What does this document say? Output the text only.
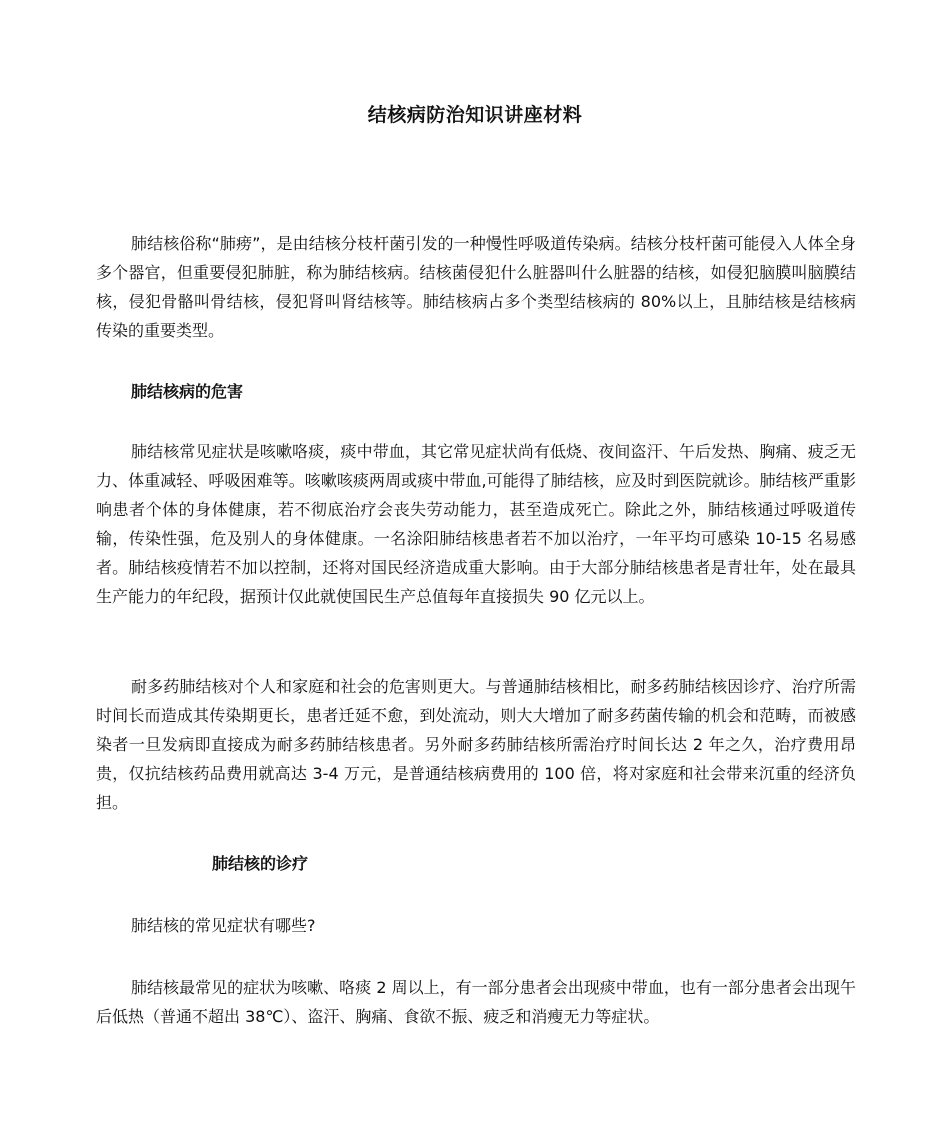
结核病防治知识讲座材料

肺结核俗称“肺痨”，是由结核分枝杆菌引发的一种慢性呼吸道传染病。结核分枝杆菌可能侵入人体全身多个器官，但重要侵犯肺脏，称为肺结核病。结核菌侵犯什么脏器叫什么脏器的结核，如侵犯脑膜叫脑膜结核，侵犯骨骼叫骨结核，侵犯肾叫肾结核等。肺结核病占多个类型结核病的 80%以上，且肺结核是结核病传染的重要类型。

肺结核病的危害

肺结核常见症状是咳嗽咯痰，痰中带血，其它常见症状尚有低烧、夜间盗汗、午后发热、胸痛、疲乏无力、体重减轻、呼吸困难等。咳嗽咳痰两周或痰中带血,可能得了肺结核，应及时到医院就诊。肺结核严重影响患者个体的身体健康，若不彻底治疗会丧失劳动能力，甚至造成死亡。除此之外，肺结核通过呼吸道传输，传染性强，危及别人的身体健康。一名涂阳肺结核患者若不加以治疗，一年平均可感染 10-15 名易感者。肺结核疫情若不加以控制，还将对国民经济造成重大影响。由于大部分肺结核患者是青壮年，处在最具生产能力的年纪段，据预计仅此就使国民生产总值每年直接损失 90 亿元以上。

耐多药肺结核对个人和家庭和社会的危害则更大。与普通肺结核相比，耐多药肺结核因诊疗、治疗所需时间长而造成其传染期更长，患者迁延不愈，到处流动，则大大增加了耐多药菌传输的机会和范畴，而被感染者一旦发病即直接成为耐多药肺结核患者。另外耐多药肺结核所需治疗时间长达 2 年之久，治疗费用昂贵，仅抗结核药品费用就高达 3-4 万元，是普通结核病费用的 100 倍，将对家庭和社会带来沉重的经济负担。

肺结核的诊疗

肺结核的常见症状有哪些?

肺结核最常见的症状为咳嗽、咯痰 2 周以上，有一部分患者会出现痰中带血，也有一部分患者会出现午后低热（普通不超出 38℃）、盗汗、胸痛、食欲不振、疲乏和消瘦无力等症状。
